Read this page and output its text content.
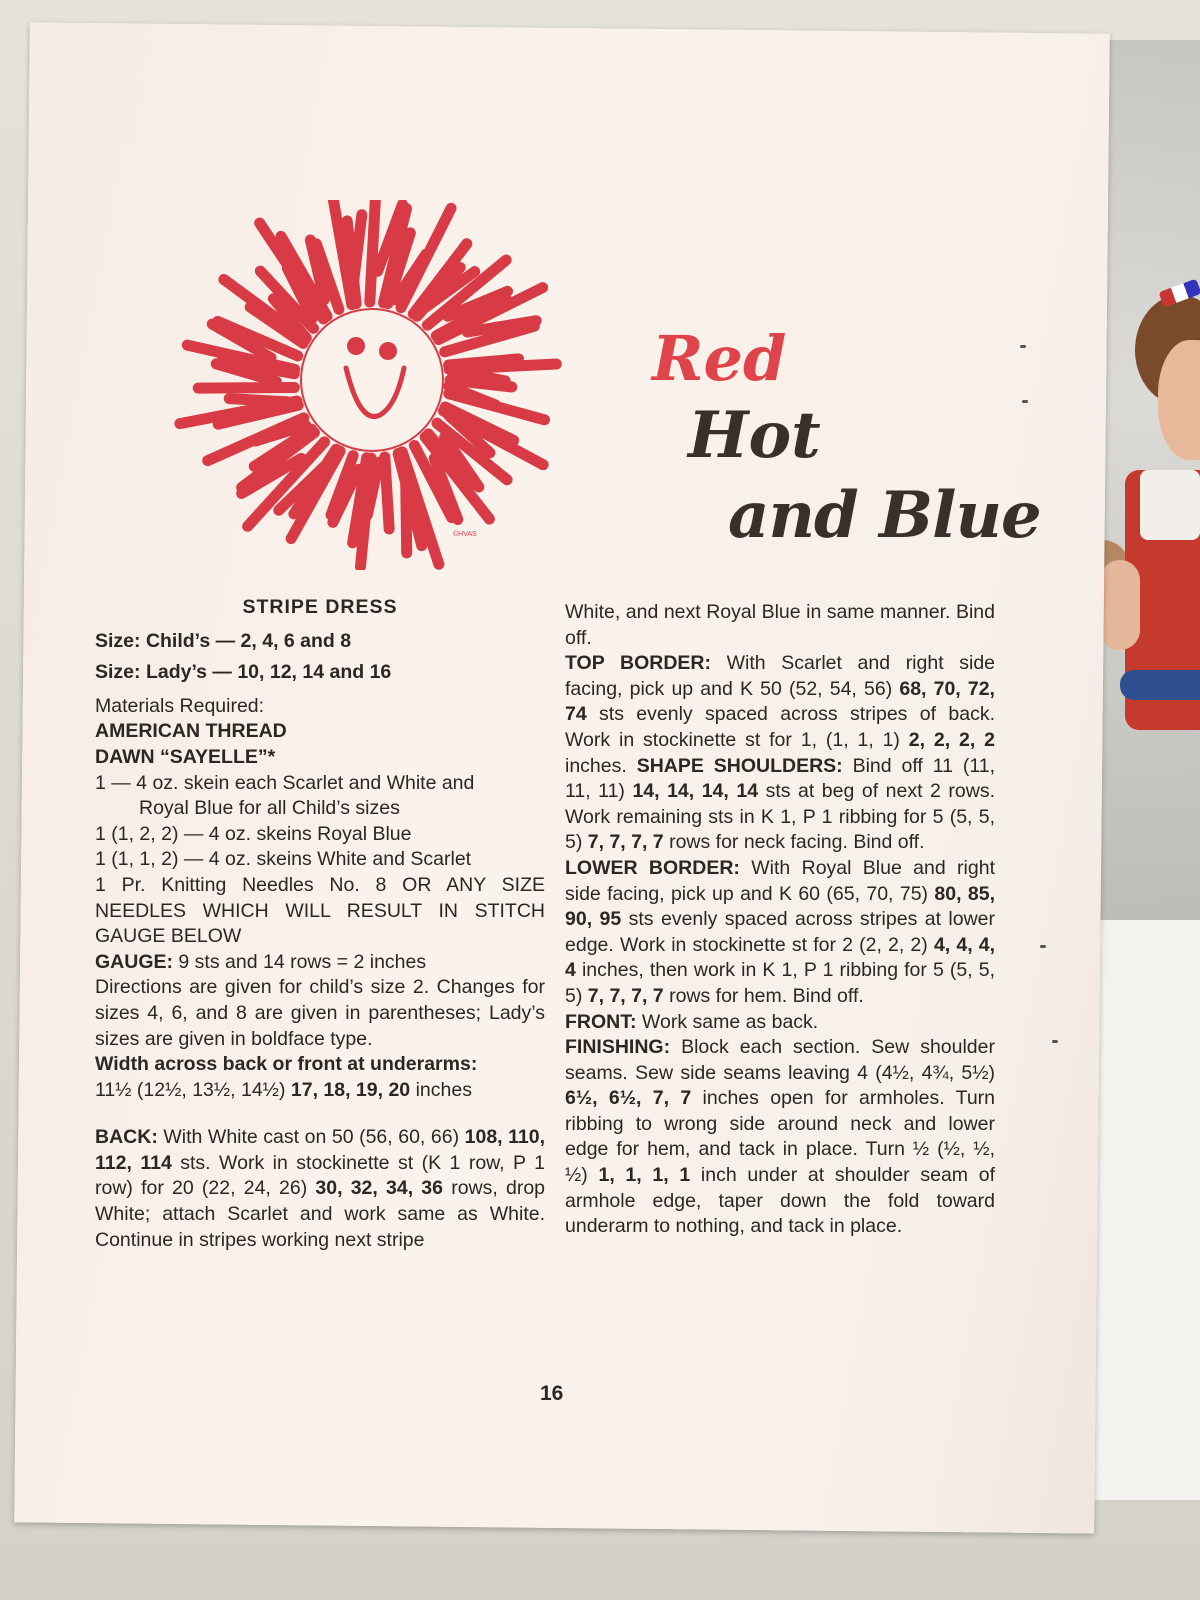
©HVAS
Red
Hot
and Blue

STRIPE DRESS

Size: Child’s — 2, 4, 6 and 8

Size: Lady’s — 10, 12, 14 and 16

Materials Required:

AMERICAN THREAD

DAWN “SAYELLE”*

1 — 4 oz. skein each Scarlet and White and

Royal Blue for all Child’s sizes

1 (1, 2, 2) — 4 oz. skeins Royal Blue

1 (1, 1, 2) — 4 oz. skeins White and Scarlet

1 Pr. Knitting Needles No. 8 OR ANY SIZE NEEDLES WHICH WILL RESULT IN STITCH GAUGE BELOW

GAUGE: 9 sts and 14 rows = 2 inches

Directions are given for child’s size 2. Changes for sizes 4, 6, and 8 are given in parentheses; Lady’s sizes are given in boldface type.

Width across back or front at underarms:

11½ (12½, 13½, 14½) 17, 18, 19, 20 inches

BACK: With White cast on 50 (56, 60, 66) 108, 110, 112, 114 sts. Work in stockinette st (K 1 row, P 1 row) for 20 (22, 24, 26) 30, 32, 34, 36 rows, drop White; attach Scarlet and work same as White. Continue in stripes working next stripe

White, and next Royal Blue in same manner. Bind off.

TOP BORDER: With Scarlet and right side facing, pick up and K 50 (52, 54, 56) 68, 70, 72, 74 sts evenly spaced across stripes of back. Work in stockinette st for 1, (1, 1, 1) 2, 2, 2, 2 inches. SHAPE SHOULDERS: Bind off 11 (11, 11, 11) 14, 14, 14, 14 sts at beg of next 2 rows. Work remaining sts in K 1, P 1 ribbing for 5 (5, 5, 5) 7, 7, 7, 7 rows for neck facing. Bind off.

LOWER BORDER: With Royal Blue and right side facing, pick up and K 60 (65, 70, 75) 80, 85, 90, 95 sts evenly spaced across stripes at lower edge. Work in stockinette st for 2 (2, 2, 2) 4, 4, 4, 4 inches, then work in K 1, P 1 ribbing for 5 (5, 5, 5) 7, 7, 7, 7 rows for hem. Bind off.

FRONT: Work same as back.

FINISHING: Block each section. Sew shoulder seams. Sew side seams leaving 4 (4½, 4¾, 5½) 6½, 6½, 7, 7 inches open for armholes. Turn ribbing to wrong side around neck and lower edge for hem, and tack in place. Turn ½ (½, ½, ½) 1, 1, 1, 1 inch under at shoulder seam of armhole edge, taper down the fold toward underarm to nothing, and tack in place.

16
